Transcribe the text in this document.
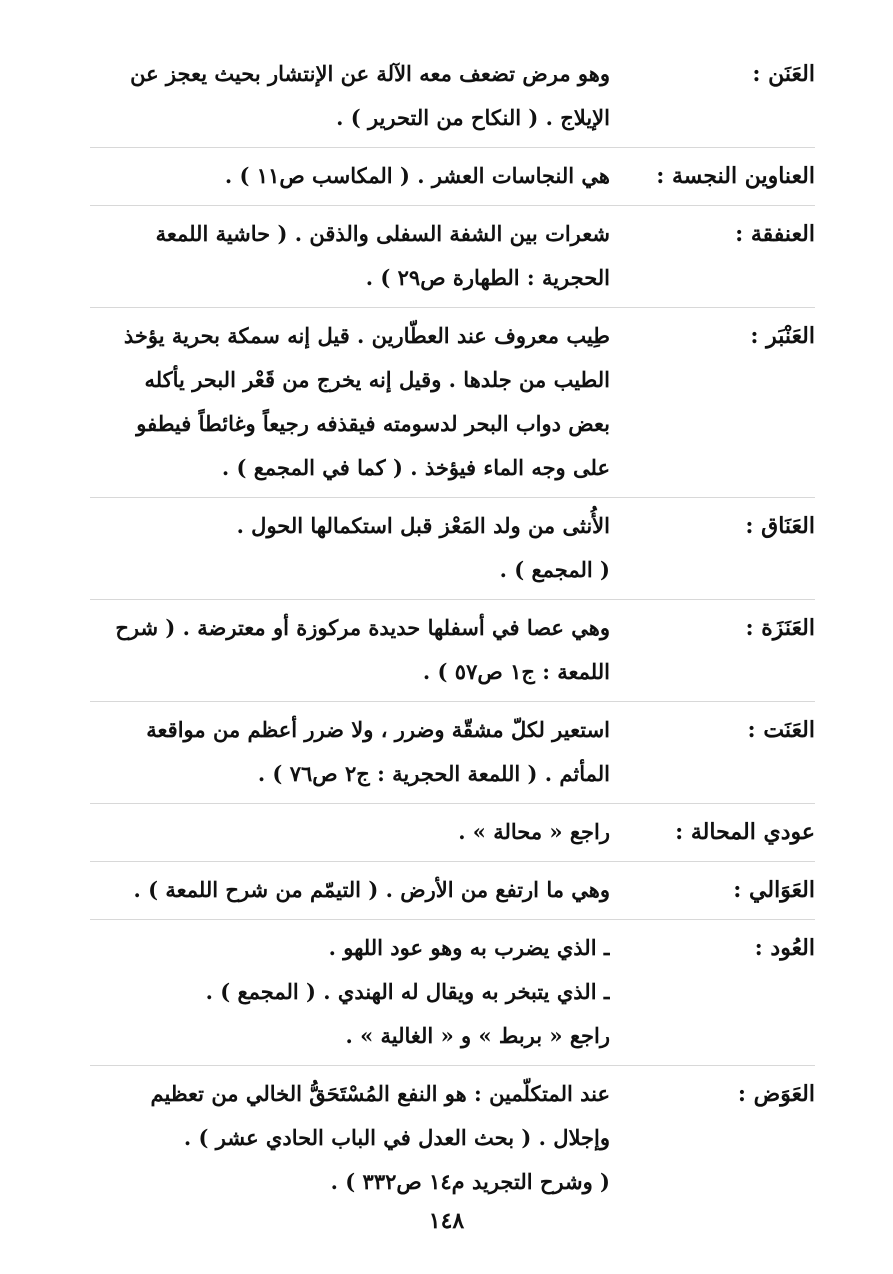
العَنَن :
وهو مرض تضعف معه الآلة عن الإنتشار بحيث يعجز عن
الإيلاج . ( النكاح من التحرير ) .
العناوين النجسة :
هي النجاسات العشر . ( المكاسب ص١١ ) .
العنفقة :
شعرات بين الشفة السفلى والذقن . ( حاشية اللمعة
الحجرية : الطهارة ص٢٩ ) .
العَنْبَر :
طِيب معروف عند العطّارين . قيل إنه سمكة بحرية يؤخذ
الطيب من جلدها . وقيل إنه يخرج من قَعْر البحر يأكله
بعض دواب البحر لدسومته فيقذفه رجيعاً وغائطاً فيطفو
على وجه الماء فيؤخذ . ( كما في المجمع ) .
العَنَاق :
الأُنثى من ولد المَعْز قبل استكمالها الحول .
( المجمع ) .
العَنَزَة :
وهي عصا في أسفلها حديدة مركوزة أو معترضة . ( شرح
اللمعة : ج١ ص٥٧ ) .
العَنَت :
استعير لكلّ مشقّة وضرر ، ولا ضرر أعظم من مواقعة
المأثم . ( اللمعة الحجرية : ج٢ ص٧٦ ) .
عودي المحالة :
راجع « محالة » .
العَوَالي :
وهي ما ارتفع من الأرض . ( التيمّم من شرح اللمعة ) .
العُود :
ـ الذي يضرب به وهو عود اللهو .
ـ الذي يتبخر به ويقال له الهندي . ( المجمع ) .
راجع « بربط » و « الغالية » .
العَوَض :
عند المتكلّمين : هو النفع المُسْتَحَقُّ الخالي من تعظيم
وإجلال . ( بحث العدل في الباب الحادي عشر ) .
( وشرح التجريد م١٤ ص٣٣٢ ) .
١٤٨
